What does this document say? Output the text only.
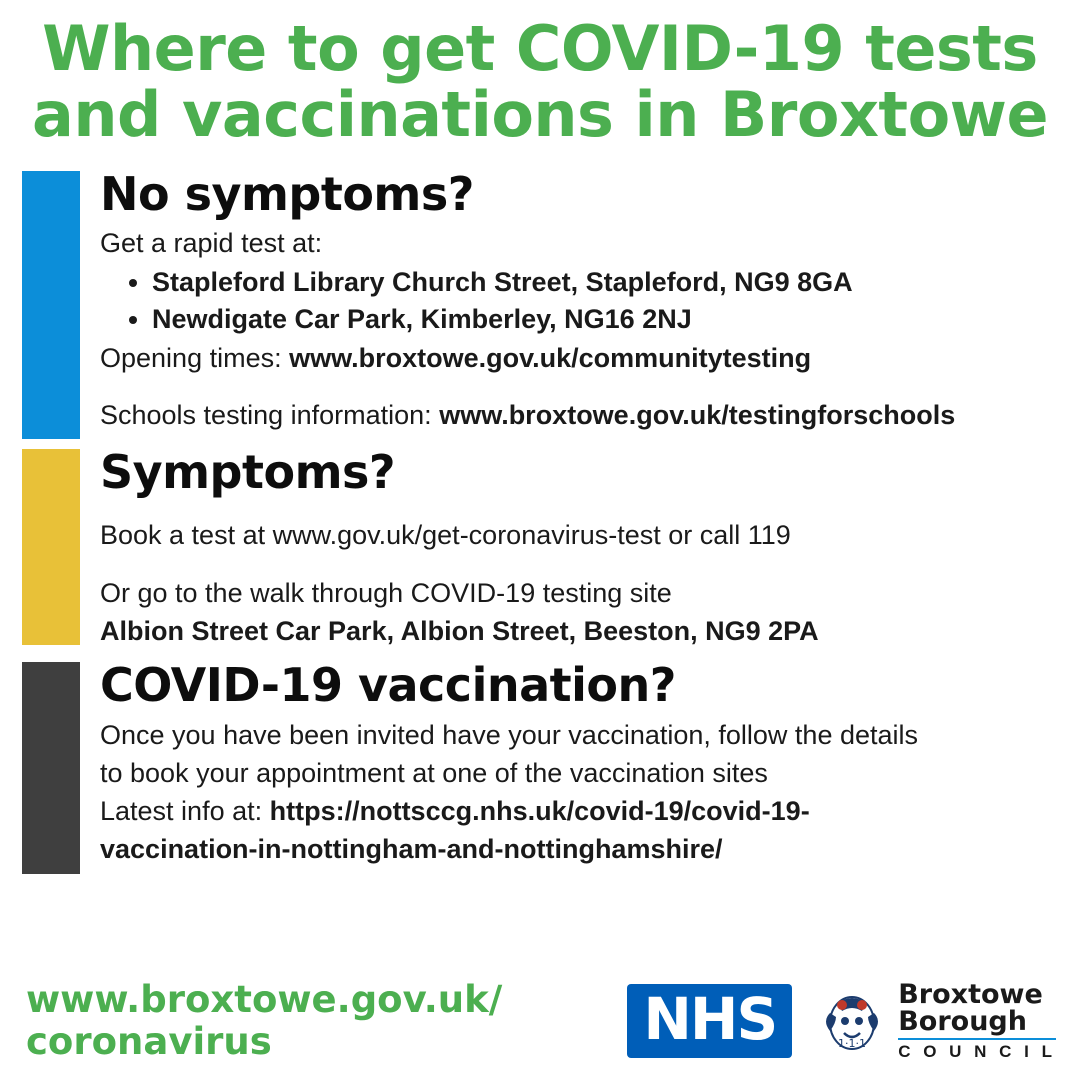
Where to get COVID-19 tests
and vaccinations in Broxtowe
No symptoms?

Get a rapid test at:

• Stapleford Library Church Street, Stapleford, NG9 8GA
• Newdigate Car Park, Kimberley, NG16 2NJ

Opening times: www.broxtowe.gov.uk/communitytesting

Schools testing information: www.broxtowe.gov.uk/testingforschools

Symptoms?

Book a test at www.gov.uk/get-coronavirus-test or call 119

Or go to the walk through COVID-19 testing site

Albion Street Car Park, Albion Street, Beeston, NG9 2PA

COVID-19 vaccination?

Once you have been invited have your vaccination, follow the details

to book your appointment at one of the vaccination sites

Latest info at: https://nottsccg.nhs.uk/covid-19/covid-19-

vaccination-in-nottingham-and-nottinghamshire/

www.broxtowe.gov.uk/
coronavirus	NHS	1·1·1
Broxtowe
Borough
C O U N C I L
